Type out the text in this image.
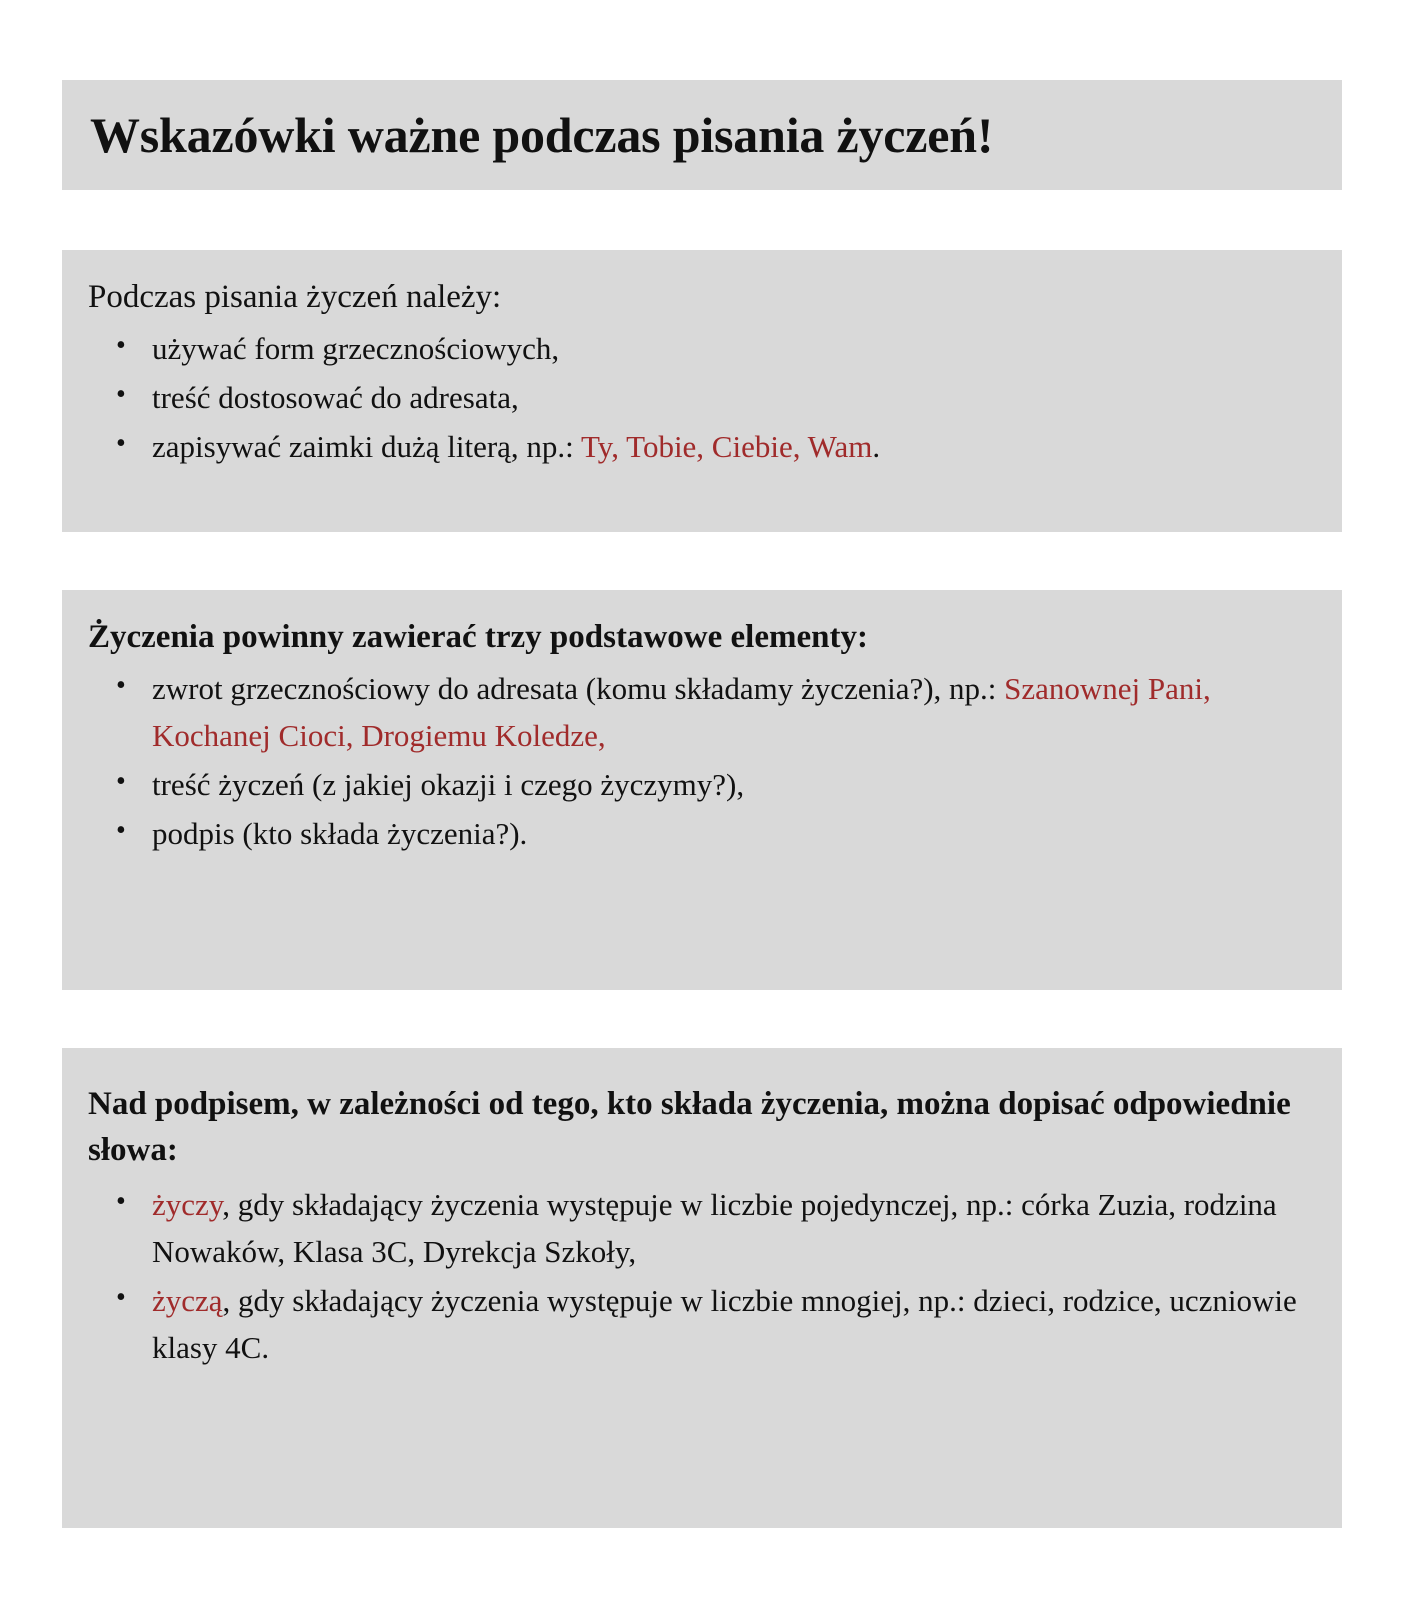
Wskazówki ważne podczas pisania życzeń!

Podczas pisania życzeń należy:

• używać form grzecznościowych,
• treść dostosować do adresata,
• zapisywać zaimki dużą literą, np.: Ty, Tobie, Ciebie, Wam.

Życzenia powinny zawierać trzy podstawowe elementy:

• zwrot grzecznościowy do adresata (komu składamy życzenia?), np.: Szanownej Pani, Kochanej Cioci, Drogiemu Koledze,
• treść życzeń (z jakiej okazji i czego życzymy?),
• podpis (kto składa życzenia?).

Nad podpisem, w zależności od tego, kto składa życzenia, można dopisać odpowiednie słowa:

• życzy, gdy składający życzenia występuje w liczbie pojedynczej, np.: córka Zuzia, rodzina Nowaków, Klasa 3C, Dyrekcja Szkoły,
• życzą, gdy składający życzenia występuje w liczbie mnogiej, np.: dzieci, rodzice, uczniowie klasy 4C.
